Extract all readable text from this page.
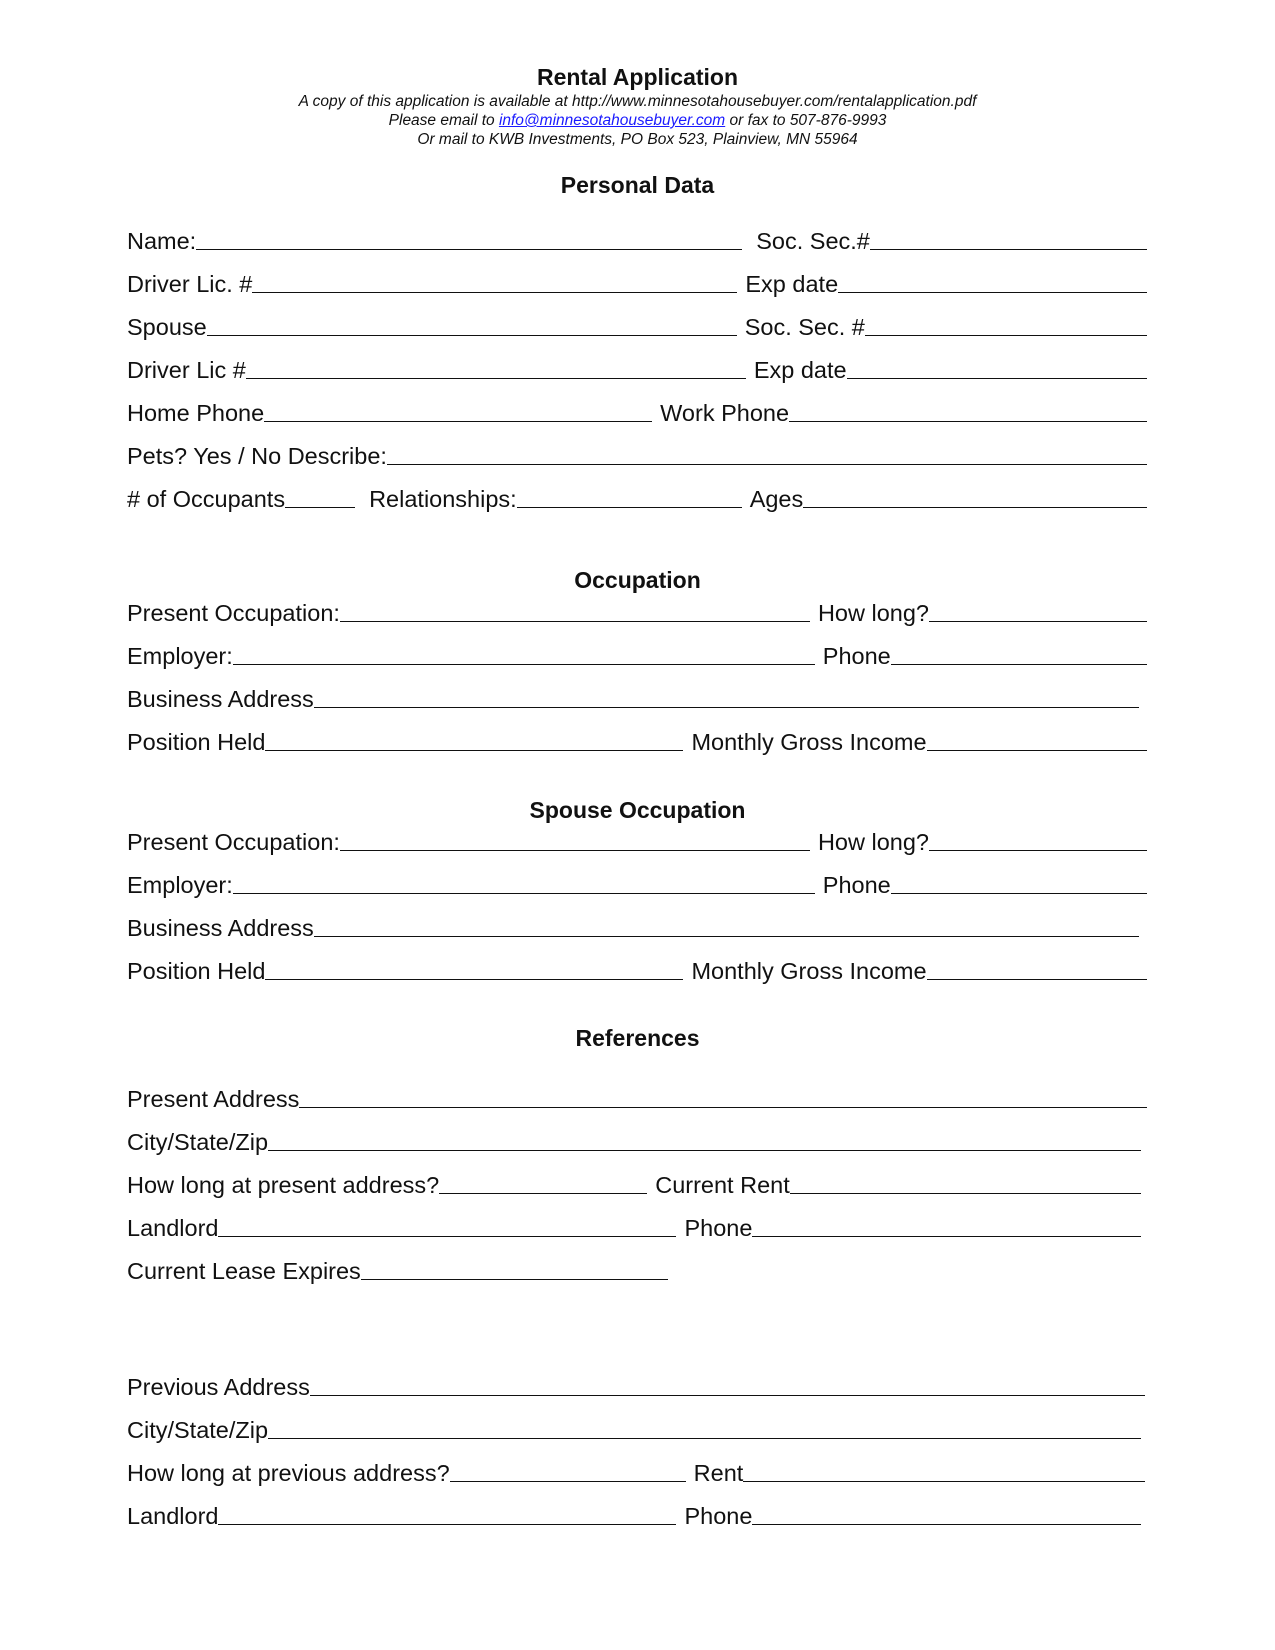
Rental Application
A copy of this application is available at http://www.minnesotahousebuyer.com/rentalapplication.pdf
Please email to info@minnesotahousebuyer.com or fax to 507-876-9993
Or mail to KWB Investments, PO Box 523, Plainview, MN 55964
Personal Data
Name:	Soc. Sec.#
Driver Lic. #	Exp date
Spouse	Soc. Sec. #
Driver Lic #	Exp date
Home Phone	Work Phone
Pets? Yes / No Describe:
# of Occupants	Relationships:	Ages
Occupation
Present Occupation:	How long?
Employer:	Phone
Business Address
Position Held	Monthly Gross Income
Spouse Occupation
Present Occupation:	How long?
Employer:	Phone
Business Address
Position Held	Monthly Gross Income
References
Present Address
City/State/Zip
How long at present address?	Current Rent
Landlord	Phone
Current Lease Expires
Previous Address
City/State/Zip
How long at previous address?	Rent
Landlord	Phone
